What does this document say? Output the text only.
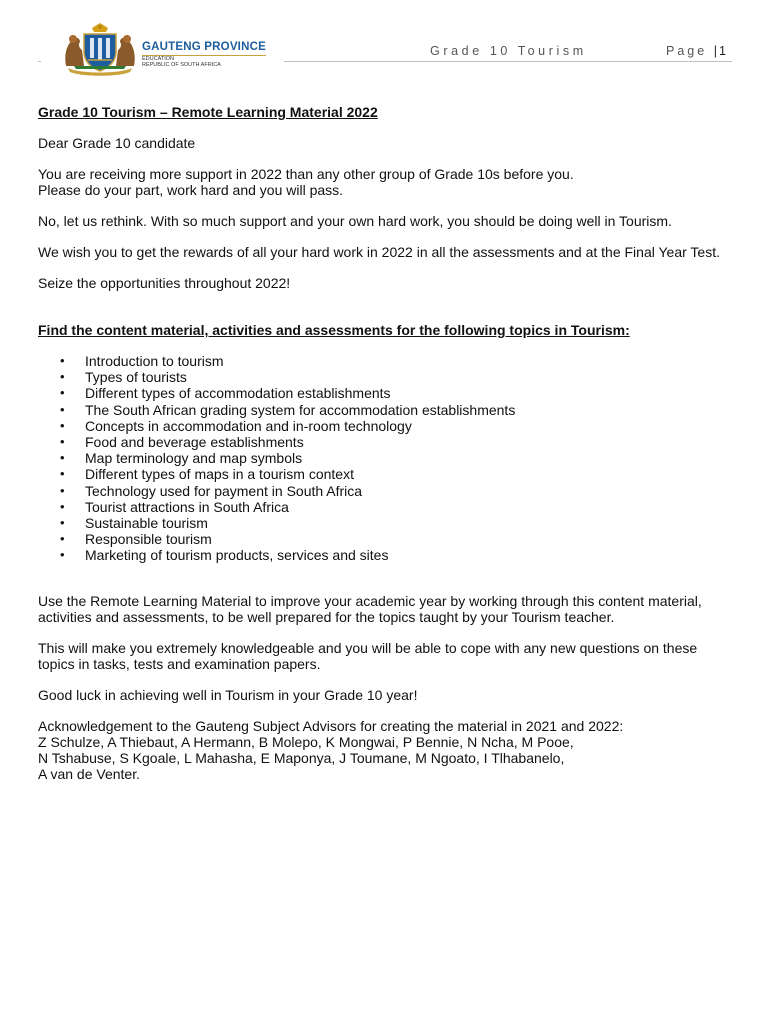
GAUTENG PROVINCE
EDUCATION
REPUBLIC OF SOUTH AFRICA
Grade 10 Tourism	Page | 1

Grade 10 Tourism – Remote Learning Material 2022

Dear Grade 10 candidate

You are receiving more support in 2022 than any other group of Grade 10s before you.
Please do your part, work hard and you will pass.

No, let us rethink. With so much support and your own hard work, you should be doing well in Tourism.

We wish you to get the rewards of all your hard work in 2022 in all the assessments and at the Final Year Test.

Seize the opportunities throughout 2022!

Find the content material, activities and assessments for the following topics in Tourism:

• Introduction to tourism
• Types of tourists
• Different types of accommodation establishments
• The South African grading system for accommodation establishments
• Concepts in accommodation and in-room technology
• Food and beverage establishments
• Map terminology and map symbols
• Different types of maps in a tourism context
• Technology used for payment in South Africa
• Tourist attractions in South Africa
• Sustainable tourism
• Responsible tourism
• Marketing of tourism products, services and sites

Use the Remote Learning Material to improve your academic year by working through this content material, activities and assessments, to be well prepared for the topics taught by your Tourism teacher.

This will make you extremely knowledgeable and you will be able to cope with any new questions on these topics in tasks, tests and examination papers.

Good luck in achieving well in Tourism in your Grade 10 year!

Acknowledgement to the Gauteng Subject Advisors for creating the material in 2021 and 2022:
Z Schulze, A Thiebaut, A Hermann, B Molepo, K Mongwai, P Bennie, N Ncha, M Pooe,
N Tshabuse, S Kgoale, L Mahasha, E Maponya, J Toumane, M Ngoato, I Tlhabanelo,
A van de Venter.
